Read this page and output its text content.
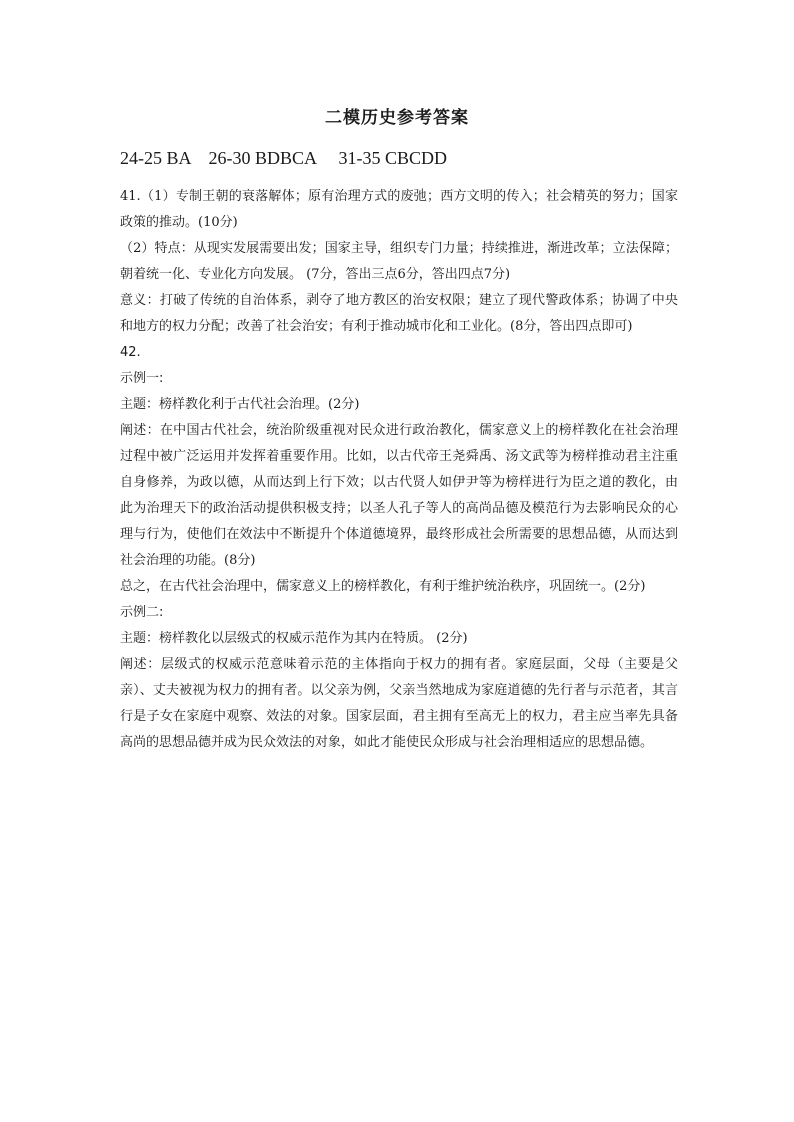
二模历史参考答案
24-25 BA    26-30 BDBCA     31-35 CBCDD

41.（1）专制王朝的衰落解体；原有治理方式的废弛；西方文明的传入；社会精英的努力；国家政策的推动。(10分)

（2）特点：从现实发展需要出发；国家主导，组织专门力量；持续推进，渐进改革；立法保障；朝着统一化、专业化方向发展。 (7分，答出三点6分，答出四点7分)

意义：打破了传统的自治体系，剥夺了地方教区的治安权限；建立了现代警政体系；协调了中央和地方的权力分配；改善了社会治安；有利于推动城市化和工业化。(8分，答出四点即可)

42.

示例一:

主题：榜样教化利于古代社会治理。(2分)

阐述：在中国古代社会，统治阶级重视对民众进行政治教化，儒家意义上的榜样教化在社会治理过程中被广泛运用并发挥着重要作用。比如，以古代帝王尧舜禹、汤文武等为榜样推动君主注重自身修养，为政以德，从而达到上行下效；以古代贤人如伊尹等为榜样进行为臣之道的教化，由此为治理天下的政治活动提供积极支持；以圣人孔子等人的高尚品德及模范行为去影响民众的心理与行为，使他们在效法中不断提升个体道德境界，最终形成社会所需要的思想品德，从而达到社会治理的功能。(8分)

总之，在古代社会治理中，儒家意义上的榜样教化，有利于维护统治秩序，巩固统一。(2分)

示例二:

主题：榜样教化以层级式的权威示范作为其内在特质。 (2分)

阐述：层级式的权威示范意味着示范的主体指向于权力的拥有者。家庭层面，父母（主要是父亲）、丈夫被视为权力的拥有者。以父亲为例，父亲当然地成为家庭道德的先行者与示范者，其言行是子女在家庭中观察、效法的对象。国家层面，君主拥有至高无上的权力，君主应当率先具备高尚的思想品德并成为民众效法的对象，如此才能使民众形成与社会治理相适应的思想品德。
